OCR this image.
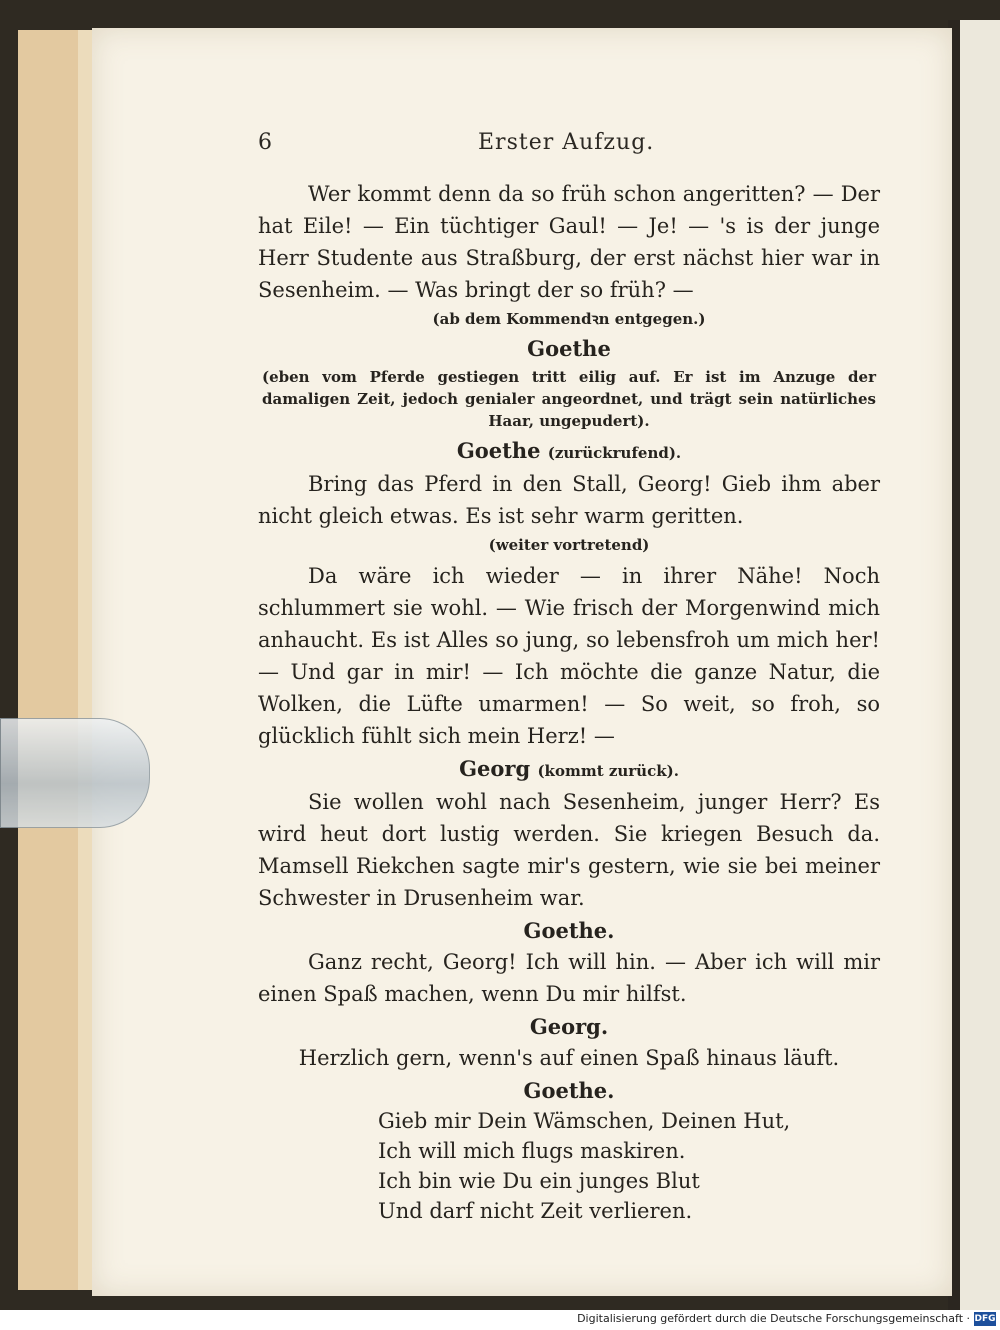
6	Erster Aufzug.

Wer kommt denn da so früh schon angeritten? — Der hat Eile! — Ein tüchtiger Gaul! — Je! — 's is der junge Herr Studente aus Straßburg, der erst nächst hier war in Sesenheim. — Was bringt der so früh? —

(ab dem Kommendꝛn entgegen.)
Goethe
(eben vom Pferde gestiegen tritt eilig auf. Er ist im Anzuge der damaligen Zeit, jedoch genialer angeordnet, und trägt sein natürliches Haar, ungepudert).
Goethe (zurückrufend).

Bring das Pferd in den Stall, Georg! Gieb ihm aber nicht gleich etwas. Es ist sehr warm geritten.

(weiter vortretend)

Da wäre ich wieder — in ihrer Nähe! Noch schlummert sie wohl. — Wie frisch der Morgenwind mich anhaucht. Es ist Alles so jung, so lebensfroh um mich her! — Und gar in mir! — Ich möchte die ganze Natur, die Wolken, die Lüfte umarmen! — So weit, so froh, so glücklich fühlt sich mein Herz! —

Georg (kommt zurück).

Sie wollen wohl nach Sesenheim, junger Herr? Es wird heut dort lustig werden. Sie kriegen Besuch da. Mamsell Riekchen sagte mir's gestern, wie sie bei meiner Schwester in Drusenheim war.

Goethe.

Ganz recht, Georg! Ich will hin. — Aber ich will mir einen Spaß machen, wenn Du mir hilfst.

Georg.

Herzlich gern, wenn's auf einen Spaß hinaus läuft.

Goethe.
Gieb mir Dein Wämschen, Deinen Hut,
Ich will mich flugs maskiren.
Ich bin wie Du ein junges Blut
Und darf nicht Zeit verlieren.
Digitalisierung gefördert durch die Deutsche Forschungsgemeinschaft · DFG
